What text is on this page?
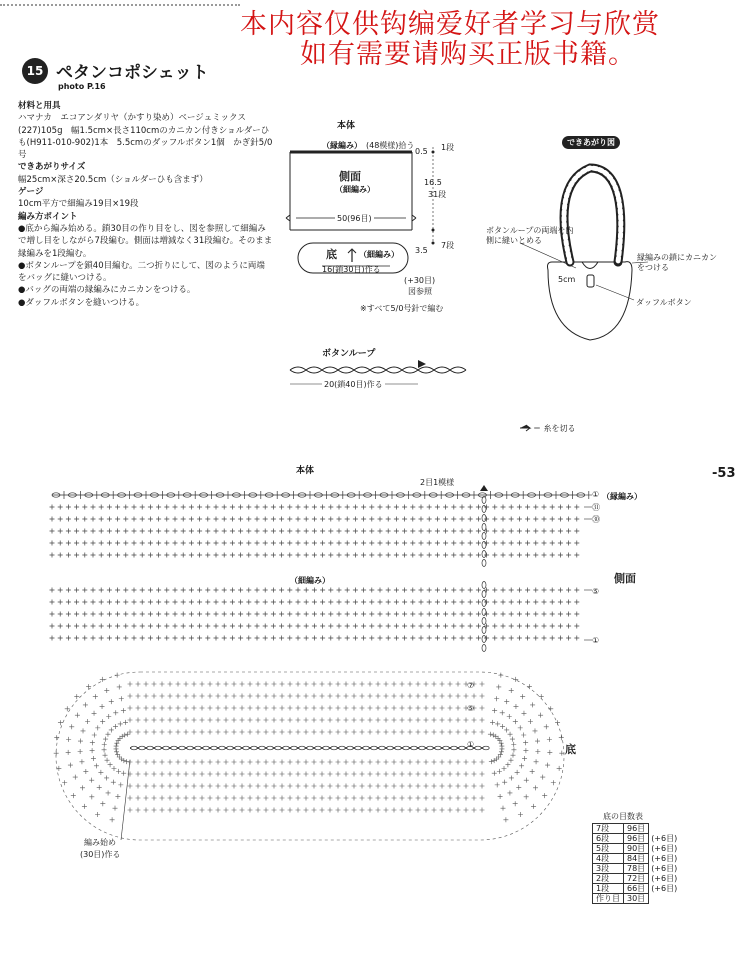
本内容仅供钩编爱好者学习与欣赏
如有需要请购买正版书籍。
15 ペタンコポシェット
photo P.16

材料と用具

ハマナカ　エコアンダリヤ（かすり染め）ベージュミックス(227)105g　幅1.5cm×長さ110cmのカニカン付きショルダーひも(H911-010-902)1本　5.5cmのダッフルボタン1個　かぎ針5/0号

できあがりサイズ

幅25cm×深さ20.5cm（ショルダーひも含まず）

ゲージ

10cm平方で細編み19目×19段

編み方ポイント

●底から編み始める。鎖30目の作り目をし、図を参照して細編みで増し目をしながら7段編む。側面は増減なく31段編む。そのまま縁編みを1段編む。

●ボタンループを鎖40目編む。二つ折りにして、図のように両端をバッグに縫いつける。

●バッグの両端の縁編みにカニカンをつける。

●ダッフルボタンを縫いつける。

本体
（縁編み） (48模様)拾う
側面
（細編み）
50(96目)
0.5 1段
16.5
31段
3.5
7段
底	（細編み）
16(鎖30目)作る
(+30目)
図参照
※すべて5/0号針で編む
ボタンループ
20(鎖40目)作る
できあがり図
ボタンループの両端を内側に縫いとめる
縁編みの鎖にカニカンをつける
5cm
ダッフルボタン
＝ 糸を切る
-53
本体
2目1模様
（縁編み）
（細編み）	側面
底
編み始め
(30目)作る
①
㉛
㉚
⑤
①
⑦
⑤
①
底の目数表
7段	96目	
6段	96目	(+6目)
5段	90目	(+6目)
4段	84目	(+6目)
3段	78目	(+6目)
2段	72目	(+6目)
1段	66目	(+6目)
作り目	30目	
